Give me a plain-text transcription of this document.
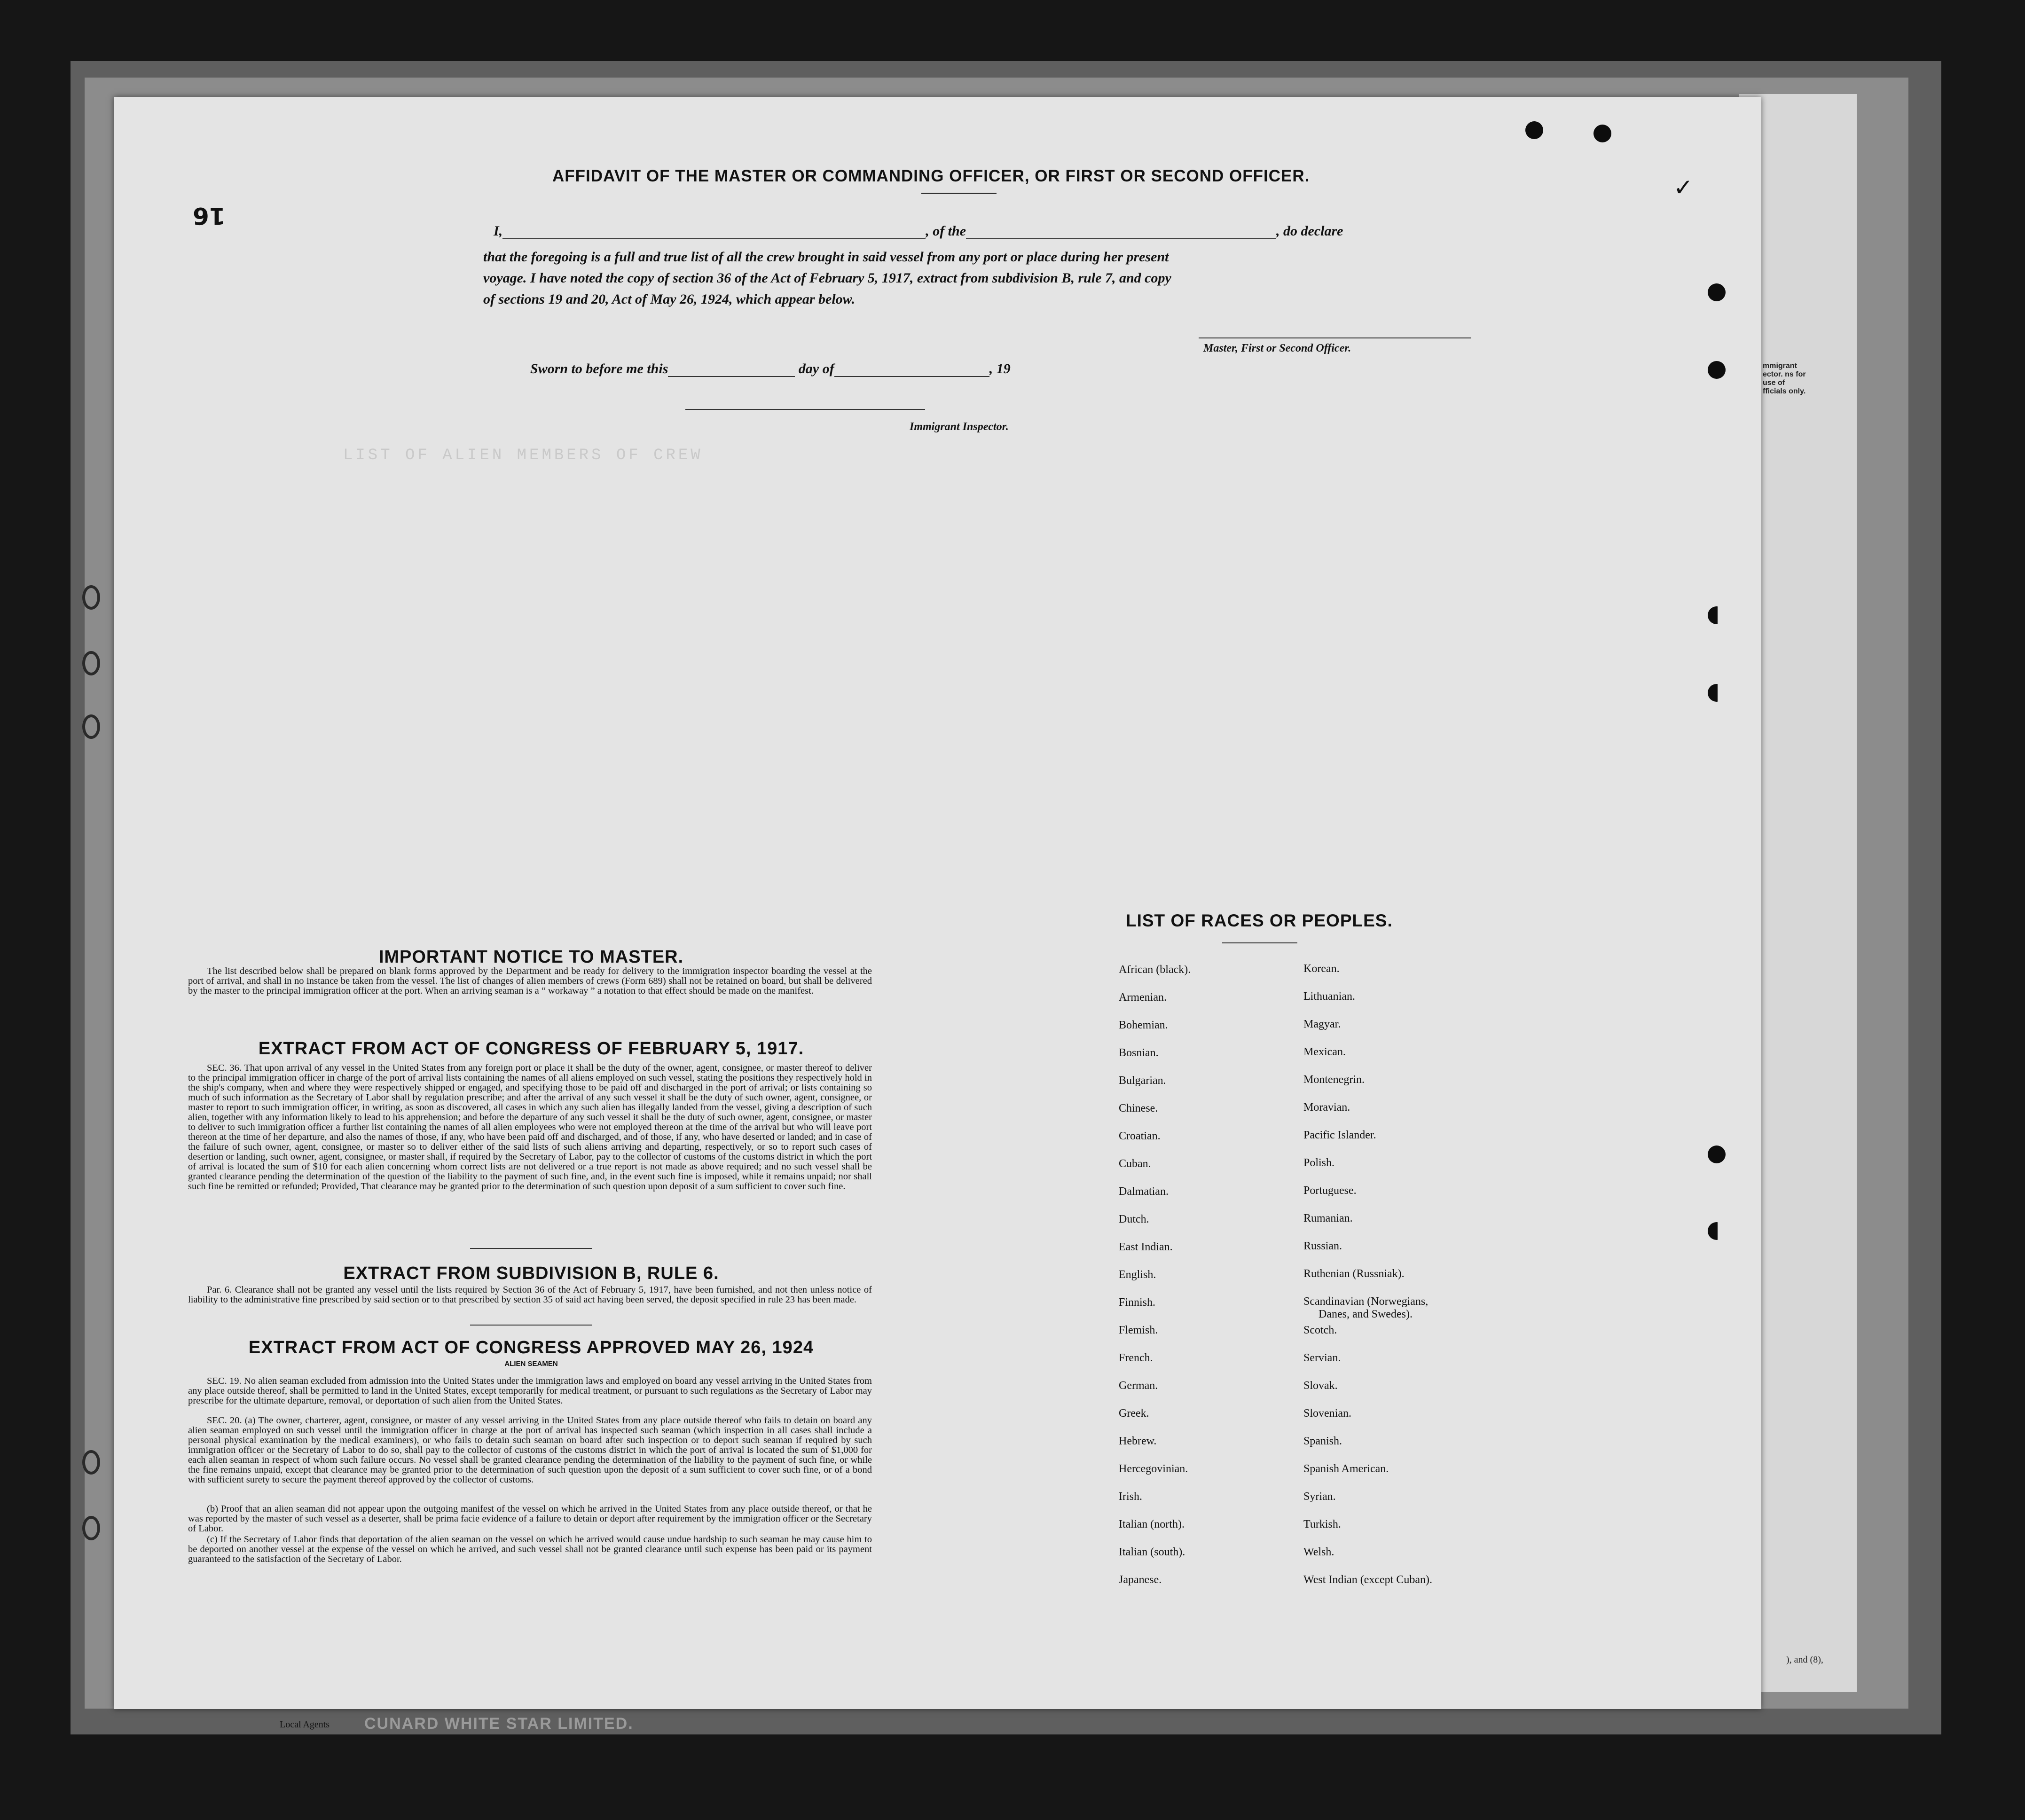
mmigrant ector. ns for use of fficials only.
), and (8),
LIST OF ALIEN MEMBERS OF CREW
16
✓
AFFIDAVIT OF THE MASTER OR COMMANDING OFFICER, OR FIRST OR SECOND OFFICER.
I,	, of the	, do declare
that the foregoing is a full and true list of all the crew brought in said vessel from any port or place during her present
voyage. I have noted the copy of section 36 of the Act of February 5, 1917, extract from subdivision B, rule 7, and copy
of sections 19 and 20, Act of May 26, 1924, which appear below.
Master, First or Second Officer.
Sworn to before me this	day of	, 19
Immigrant Inspector.
IMPORTANT NOTICE TO MASTER.
The list described below shall be prepared on blank forms approved by the Department and be ready for delivery to the immigration inspector boarding the vessel at the port of arrival, and shall in no instance be taken from the vessel. The list of changes of alien members of crews (Form 689) shall not be retained on board, but shall be delivered by the master to the principal immigration officer at the port. When an arriving seaman is a “ workaway ” a notation to that effect should be made on the manifest.
EXTRACT FROM ACT OF CONGRESS OF FEBRUARY 5, 1917.
SEC. 36. That upon arrival of any vessel in the United States from any foreign port or place it shall be the duty of the owner, agent, consignee, or master thereof to deliver to the principal immigration officer in charge of the port of arrival lists containing the names of all aliens employed on such vessel, stating the positions they respectively hold in the ship's company, when and where they were respectively shipped or engaged, and specifying those to be paid off and discharged in the port of arrival; or lists containing so much of such information as the Secretary of Labor shall by regulation prescribe; and after the arrival of any such vessel it shall be the duty of such owner, agent, consignee, or master to report to such immigration officer, in writing, as soon as discovered, all cases in which any such alien has illegally landed from the vessel, giving a description of such alien, together with any information likely to lead to his apprehension; and before the departure of any such vessel it shall be the duty of such owner, agent, consignee, or master to deliver to such immigration officer a further list containing the names of all alien employees who were not employed thereon at the time of the arrival but who will leave port thereon at the time of her departure, and also the names of those, if any, who have been paid off and discharged, and of those, if any, who have deserted or landed; and in case of the failure of such owner, agent, consignee, or master so to deliver either of the said lists of such aliens arriving and departing, respectively, or so to report such cases of desertion or landing, such owner, agent, consignee, or master shall, if required by the Secretary of Labor, pay to the collector of customs of the customs district in which the port of arrival is located the sum of $10 for each alien concerning whom correct lists are not delivered or a true report is not made as above required; and no such vessel shall be granted clearance pending the determination of the question of the liability to the payment of such fine, and, in the event such fine is imposed, while it remains unpaid; nor shall such fine be remitted or refunded; Provided, That clearance may be granted prior to the determination of such question upon deposit of a sum sufficient to cover such fine.
EXTRACT FROM SUBDIVISION B, RULE 6.
Par. 6. Clearance shall not be granted any vessel until the lists required by Section 36 of the Act of February 5, 1917, have been furnished, and not then unless notice of liability to the administrative fine prescribed by said section or to that prescribed by section 35 of said act having been served, the deposit specified in rule 23 has been made.
EXTRACT FROM ACT OF CONGRESS APPROVED MAY 26, 1924
ALIEN SEAMEN
SEC. 19. No alien seaman excluded from admission into the United States under the immigration laws and employed on board any vessel arriving in the United States from any place outside thereof, shall be permitted to land in the United States, except temporarily for medical treatment, or pursuant to such regulations as the Secretary of Labor may prescribe for the ultimate departure, removal, or deportation of such alien from the United States.
SEC. 20. (a) The owner, charterer, agent, consignee, or master of any vessel arriving in the United States from any place outside thereof who fails to detain on board any alien seaman employed on such vessel until the immigration officer in charge at the port of arrival has inspected such seaman (which inspection in all cases shall include a personal physical examination by the medical examiners), or who fails to detain such seaman on board after such inspection or to deport such seaman if required by such immigration officer or the Secretary of Labor to do so, shall pay to the collector of customs of the customs district in which the port of arrival is located the sum of $1,000 for each alien seaman in respect of whom such failure occurs. No vessel shall be granted clearance pending the determination of the liability to the payment of such fine, or while the fine remains unpaid, except that clearance may be granted prior to the determination of such question upon the deposit of a sum sufficient to cover such fine, or of a bond with sufficient surety to secure the payment thereof approved by the collector of customs.
(b) Proof that an alien seaman did not appear upon the outgoing manifest of the vessel on which he arrived in the United States from any place outside thereof, or that he was reported by the master of such vessel as a deserter, shall be prima facie evidence of a failure to detain or deport after requirement by the immigration officer or the Secretary of Labor.
(c) If the Secretary of Labor finds that deportation of the alien seaman on the vessel on which he arrived would cause undue hardship to such seaman he may cause him to be deported on another vessel at the expense of the vessel on which he arrived, and such vessel shall not be granted clearance until such expense has been paid or its payment guaranteed to the satisfaction of the Secretary of Labor.
LIST OF RACES OR PEOPLES.
African (black).
Armenian.
Bohemian.
Bosnian.
Bulgarian.
Chinese.
Croatian.
Cuban.
Dalmatian.
Dutch.
East Indian.
English.
Finnish.
Flemish.
French.
German.
Greek.
Hebrew.
Hercegovinian.
Irish.
Italian (north).
Italian (south).
Japanese.
Korean.
Lithuanian.
Magyar.
Mexican.
Montenegrin.
Moravian.
Pacific Islander.
Polish.
Portuguese.
Rumanian.
Russian.
Ruthenian (Russniak).
Scandinavian (Norwegians,
Danes, and Swedes).
Scotch.
Servian.
Slovak.
Slovenian.
Spanish.
Spanish American.
Syrian.
Turkish.
Welsh.
West Indian (except Cuban).
Local Agents CUNARD WHITE STAR LIMITED.
